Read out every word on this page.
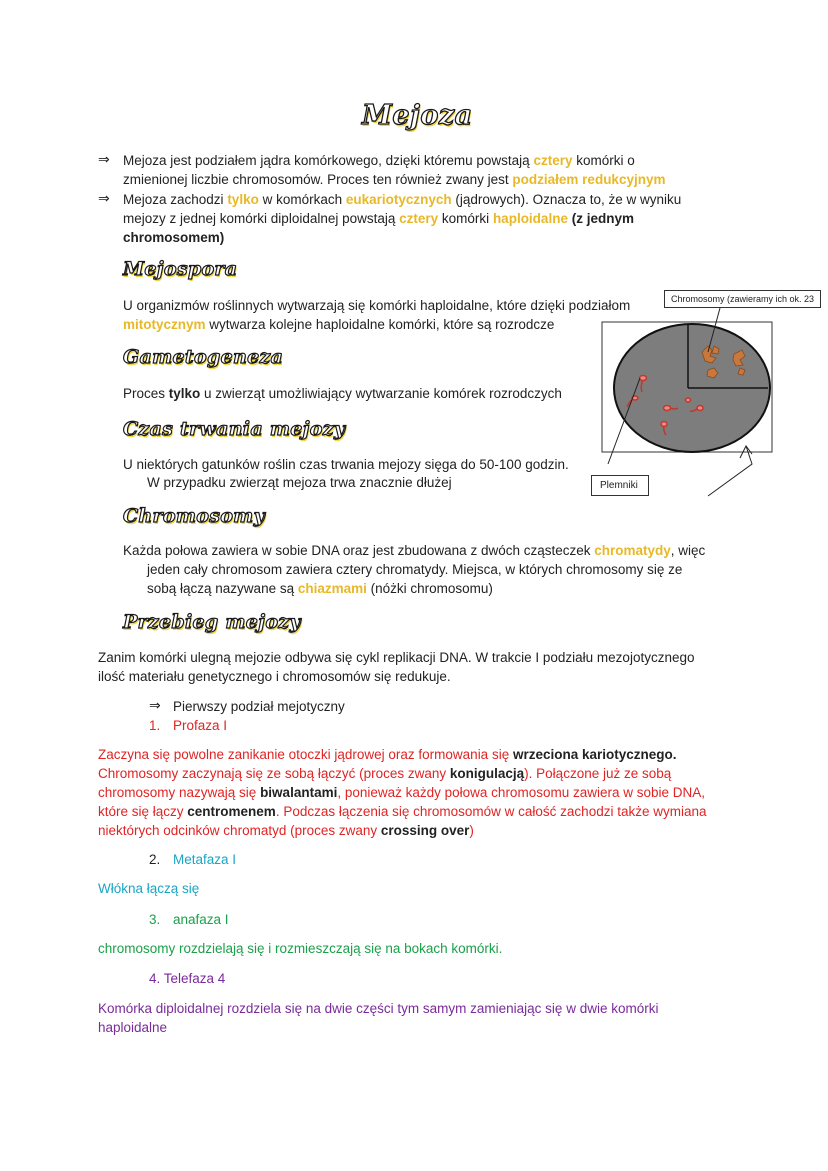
Mejoza
⇒ Mejoza jest podziałem jądra komórkowego, dzięki któremu powstają cztery komórki o
zmienionej liczbie chromosomów. Proces ten również zwany jest podziałem redukcyjnym
⇒ Mejoza zachodzi tylko w komórkach eukariotycznych (jądrowych). Oznacza to, że w wyniku
mejozy z jednej komórki diploidalnej powstają cztery komórki haploidalne (z jednym
chromosomem)
Mejospora
U organizmów roślinnych wytwarzają się komórki haploidalne, które dzięki podziałom
mitotycznym wytwarza kolejne haploidalne komórki, które są rozrodcze
Gametogeneza
Proces tylko u zwierząt umożliwiający wytwarzanie komórek rozrodczych
Czas trwania mejozy
U niektórych gatunków roślin czas trwania mejozy sięga do 50-100 godzin.
W przypadku zwierząt mejoza trwa znacznie dłużej
Chromosomy
Każda połowa zawiera w sobie DNA oraz jest zbudowana z dwóch cząsteczek chromatydy, więc
jeden cały chromosom zawiera cztery chromatydy. Miejsca, w których chromosomy się ze
sobą łączą nazywane są chiazmami (nóżki chromosomu)
Przebieg mejozy
Zanim komórki ulegną mejozie odbywa się cykl replikacji DNA. W trakcie I podziału mezojotycznego
ilość materiału genetycznego i chromosomów się redukuje.
⇒ Pierwszy podział mejotyczny
1. Profaza I
Zaczyna się powolne zanikanie otoczki jądrowej oraz formowania się wrzeciona kariotycznego.
Chromosomy zaczynają się ze sobą łączyć (proces zwany konigulacją). Połączone już ze sobą
chromosomy nazywają się biwalantami, ponieważ każdy połowa chromosomu zawiera w sobie DNA,
które się łączy centromenem. Podczas łączenia się chromosomów w całość zachodzi także wymiana
niektórych odcinków chromatyd (proces zwany crossing over)
2. Metafaza I
Włókna łączą się
3. anafaza I
chromosomy rozdzielają się i rozmieszczają się na bokach komórki.
4. Telefaza 4
Komórka diploidalnej rozdziela się na dwie części tym samym zamieniając się w dwie komórki
haploidalne
Chromosomy (zawieramy ich ok. 23
Plemniki
